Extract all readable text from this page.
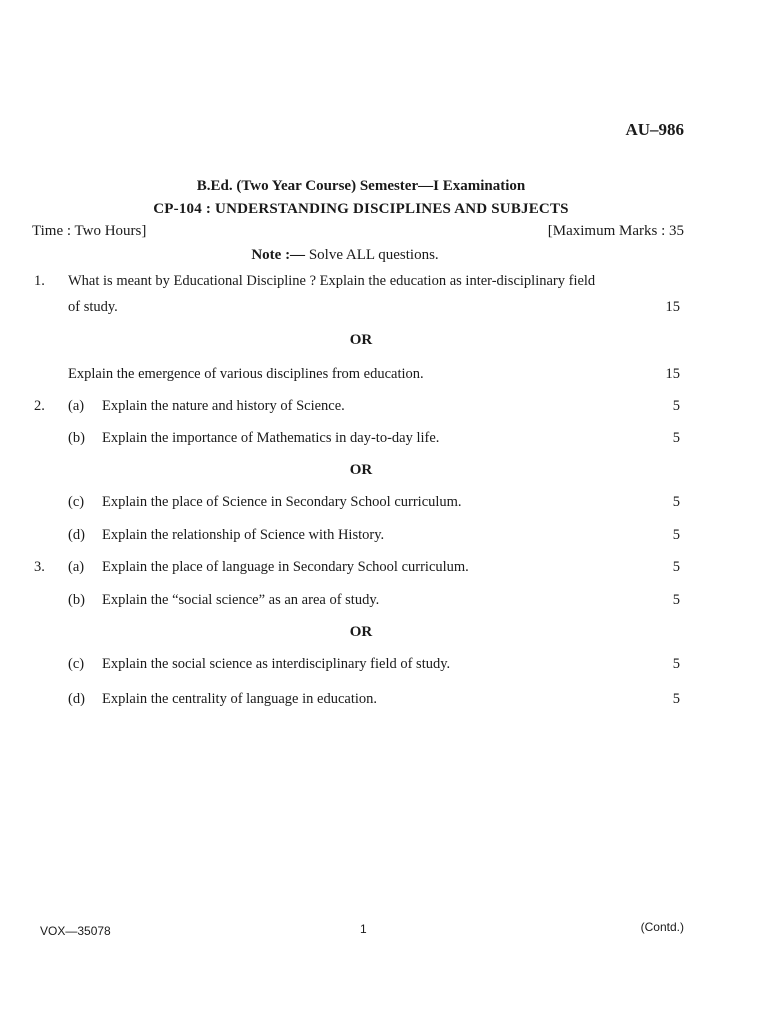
AU–986
B.Ed. (Two Year Course) Semester—I Examination
CP-104 : UNDERSTANDING DISCIPLINES AND SUBJECTS
Time : Two Hours]	[Maximum Marks : 35
Note :— Solve ALL questions.
1. What is meant by Educational Discipline ? Explain the education as inter-disciplinary field
of study.	15
OR
Explain the emergence of various disciplines from education.	15
2. (a) Explain the nature and history of Science.	5
(b) Explain the importance of Mathematics in day-to-day life.	5
OR
(c) Explain the place of Science in Secondary School curriculum.	5
(d) Explain the relationship of Science with History.	5
3. (a) Explain the place of language in Secondary School curriculum.	5
(b) Explain the “social science” as an area of study.	5
OR
(c) Explain the social science as interdisciplinary field of study.	5
(d) Explain the centrality of language in education.	5
VOX—35078	1	(Contd.)
